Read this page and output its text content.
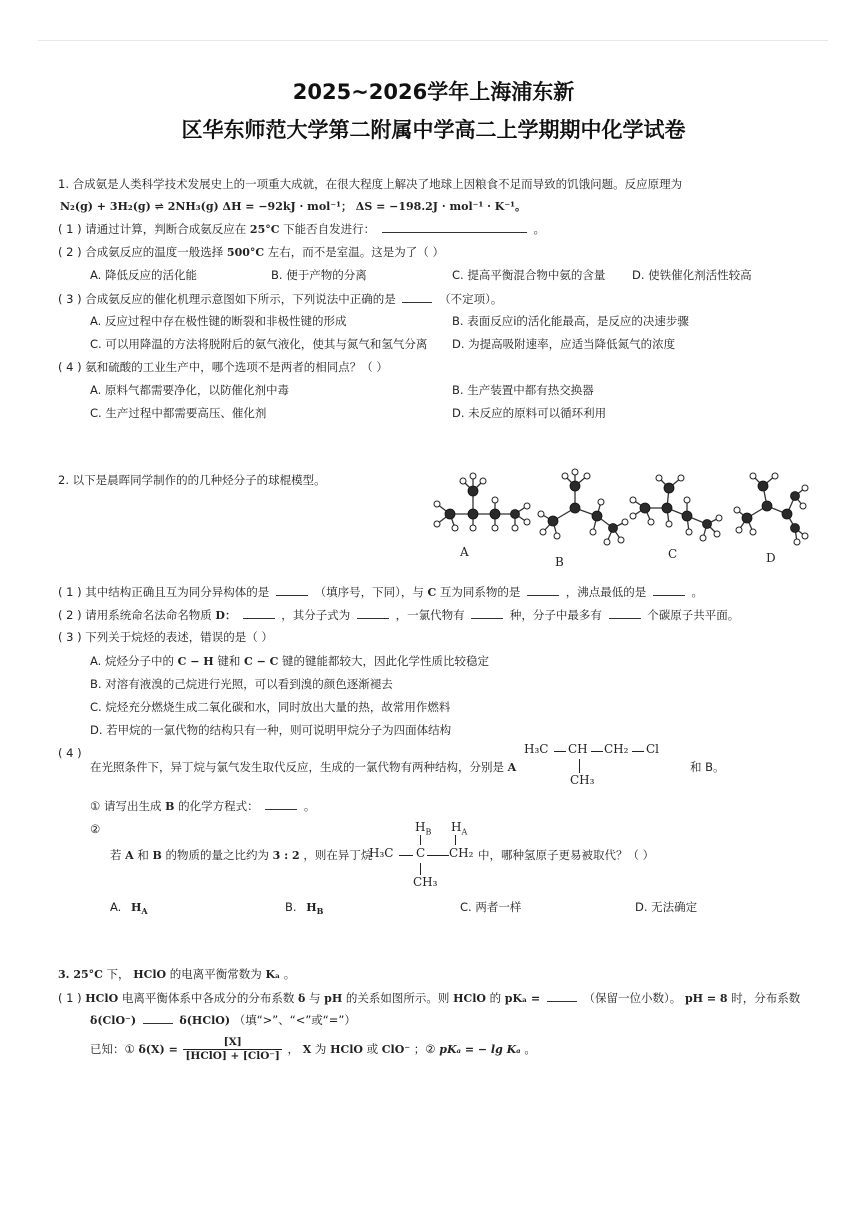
2025~2026学年上海浦东新
区华东师范大学第二附属中学高二上学期期中化学试卷
1. 合成氨是人类科学技术发展史上的一项重大成就，在很大程度上解决了地球上因粮食不足而导致的饥饿问题。反应原理为
N₂(g) + 3H₂(g) ⇌ 2NH₃(g) ΔH = −92kJ · mol⁻¹； ΔS = −198.2J · mol⁻¹ · K⁻¹。
( 1 ) 请通过计算，判断合成氨反应在 25°C 下能否自发进行：	。
( 2 ) 合成氨反应的温度一般选择 500°C 左右，而不是室温。这是为了（ ）
A. 降低反应的活化能	B. 便于产物的分离	C. 提高平衡混合物中氨的含量 D. 使铁催化剂活性较高
( 3 ) 合成氨反应的催化机理示意图如下所示，下列说法中正确的是	（不定项）。
A. 反应过程中存在极性键的断裂和非极性键的形成	B. 表面反应ⅰ的活化能最高，是反应的决速步骤
C. 可以用降温的方法将脱附后的氨气液化，使其与氮气和氢气分离 D. 为提高吸附速率，应适当降低氮气的浓度
( 4 ) 氨和硫酸的工业生产中，哪个选项不是两者的相同点？（ ）
A. 原料气都需要净化，以防催化剂中毒	B. 生产装置中都有热交换器
C. 生产过程中都需要高压、催化剂	D. 未反应的原料可以循环利用
2. 以下是晨晖同学制作的的几种烃分子的球棍模型。
A
B
C	D
( 1 ) 其中结构正确且互为同分异构体的是	（填序号，下同），与 C 互为同系物的是	，沸点最低的是	。
( 2 ) 请用系统命名法命名物质 D：	，其分子式为	，一氯代物有	种，分子中最多有	个碳原子共平面。
( 3 ) 下列关于烷烃的表述，错误的是（ ）
A. 烷烃分子中的 C − H 键和 C − C 键的键能都较大，因此化学性质比较稳定
B. 对溶有液溴的己烷进行光照，可以看到溴的颜色逐渐褪去
C. 烷烃充分燃烧生成二氧化碳和水，同时放出大量的热，故常用作燃料
D. 若甲烷的一氯代物的结构只有一种，则可说明甲烷分子为四面体结构
( 4 )
在光照条件下，异丁烷与氯气发生取代反应，生成的一氯代物有两种结构，分别是 A	和 B。
H₃C CH CH₂ Cl
CH₃
① 请写出生成 B 的化学方程式：	。
②
若 A 和 B 的物质的量之比约为 3 : 2 ，则在异丁烷
$H_B$ $H_A$
H₃C C CH₂
CH₃
中，哪种氢原子更易被取代？（ ）
A. $H_A$	B. $H_B$	C. 两者一样	D. 无法确定
3. 25°C 下， HClO 的电离平衡常数为 Kₐ 。
( 1 ) HClO 电离平衡体系中各成分的分布系数 δ 与 pH 的关系如图所示。则 HClO 的 pKₐ =	（保留一位小数）。 pH = 8 时，分布系数
δ(ClO⁻)	δ(HClO) （填“>”、“<”或“=”）
已知：① $\delta(X) = \frac{[X]}{\text{[HClO] + [ClO⁻]}}$ ， X 为 HClO 或 ClO⁻ ；② pKₐ = − lg Kₐ 。
